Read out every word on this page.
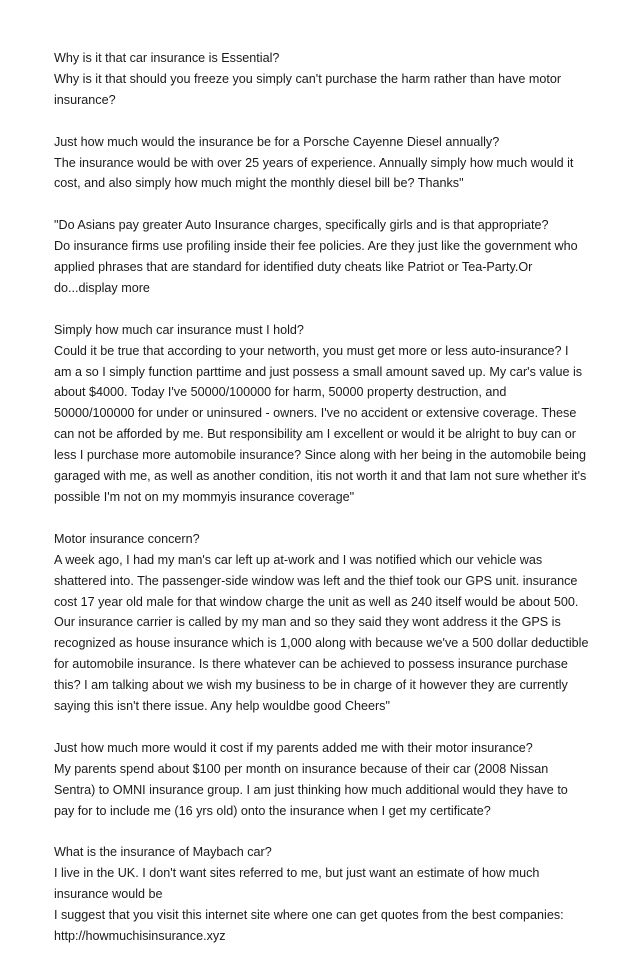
Why is it that car insurance is Essential?

Why is it that should you freeze you simply can't purchase the harm rather than have motor insurance?

Just how much would the insurance be for a Porsche Cayenne Diesel annually?

The insurance would be with over 25 years of experience. Annually simply how much would it cost, and also simply how much might the monthly diesel bill be? Thanks"

"Do Asians pay greater Auto Insurance charges, specifically girls and is that appropriate?

Do insurance firms use profiling inside their fee policies. Are they just like the government who applied phrases that are standard for identified duty cheats like Patriot or Tea-Party.Or do...display more

Simply how much car insurance must I hold?

Could it be true that according to your networth, you must get more or less auto-insurance? I am a so I simply function parttime and just possess a small amount saved up. My car's value is about $4000. Today I've 50000/100000 for harm, 50000 property destruction, and 50000/100000 for under or uninsured - owners. I've no accident or extensive coverage. These can not be afforded by me. But responsibility am I excellent or would it be alright to buy can or less I purchase more automobile insurance? Since along with her being in the automobile being garaged with me, as well as another condition, itis not worth it and that Iam not sure whether it's possible I'm not on my mommyis insurance coverage"

Motor insurance concern?

A week ago, I had my man's car left up at-work and I was notified which our vehicle was shattered into. The passenger-side window was left and the thief took our GPS unit. insurance cost 17 year old male for that window charge the unit as well as 240 itself would be about 500. Our insurance carrier is called by my man and so they said they wont address it the GPS is recognized as house insurance which is 1,000 along with because we've a 500 dollar deductible for automobile insurance. Is there whatever can be achieved to possess insurance purchase this? I am talking about we wish my business to be in charge of it however they are currently saying this isn't there issue. Any help wouldbe good Cheers"

Just how much more would it cost if my parents added me with their motor insurance?

My parents spend about $100 per month on insurance because of their car (2008 Nissan Sentra) to OMNI insurance group. I am just thinking how much additional would they have to pay for to include me (16 yrs old) onto the insurance when I get my certificate?

What is the insurance of Maybach car?

I live in the UK. I don't want sites referred to me, but just want an estimate of how much insurance would be

I suggest that you visit this internet site where one can get quotes from the best companies:

http://howmuchisinsurance.xyz
